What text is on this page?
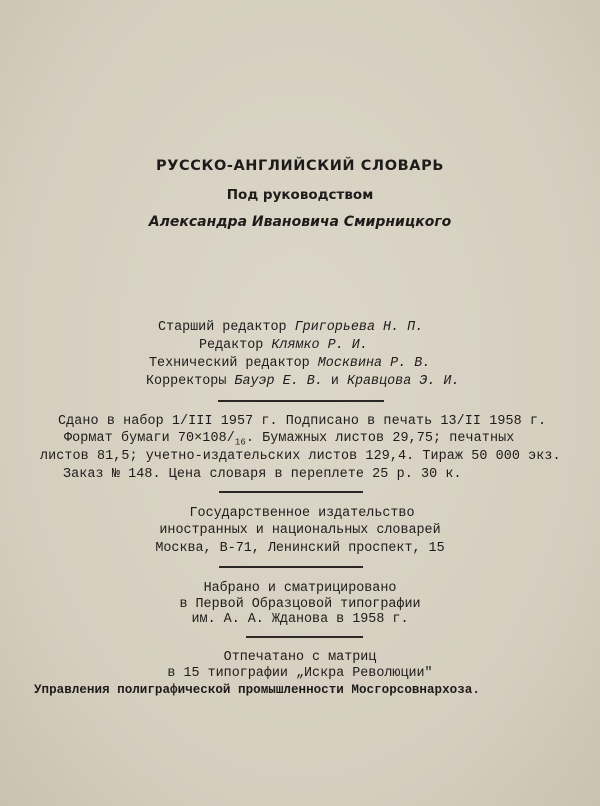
РУССКО-АНГЛИЙСКИЙ СЛОВАРЬ
Под руководством
Александра Ивановича Смирницкого
Старший редактор Григорьева Н. П.
Редактор Клямко Р. И.
Технический редактор Москвина Р. В.
Корректоры Бауэр Е. В. и Кравцова Э. И.
Сдано в набор 1/III 1957 г. Подписано в печать 13/II 1958 г.
Формат бумаги $70\times 108/_{16}$. Бумажных листов 29,75; печатных
листов 81,5; учетно-издательских листов 129,4. Тираж 50 000 экз.
Заказ № 148. Цена словаря в переплете 25 р. 30 к.
Государственное издательство
иностранных и национальных словарей
Москва, В-71, Ленинский проспект, 15
Набрано и сматрицировано
в Первой Образцовой типографии
им. А. А. Жданова в 1958 г.
Отпечатано с матриц
в 15 типографии „Искра Революции"
Управления полиграфической промышленности Мосгорсовнархоза.
